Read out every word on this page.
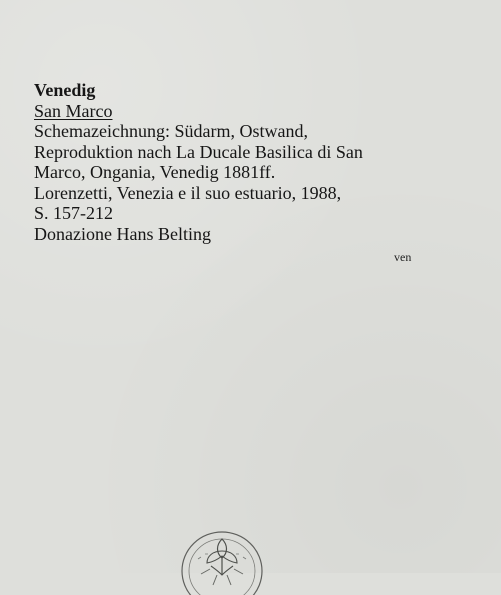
Venedig
San Marco
Schemazeichnung: Südarm, Ostwand,
Reproduktion nach La Ducale Basilica di San
Marco, Ongania, Venedig 1881ff.
Lorenzetti, Venezia e il suo estuario, 1988,
S. 157-212
Donazione Hans Belting
ven
